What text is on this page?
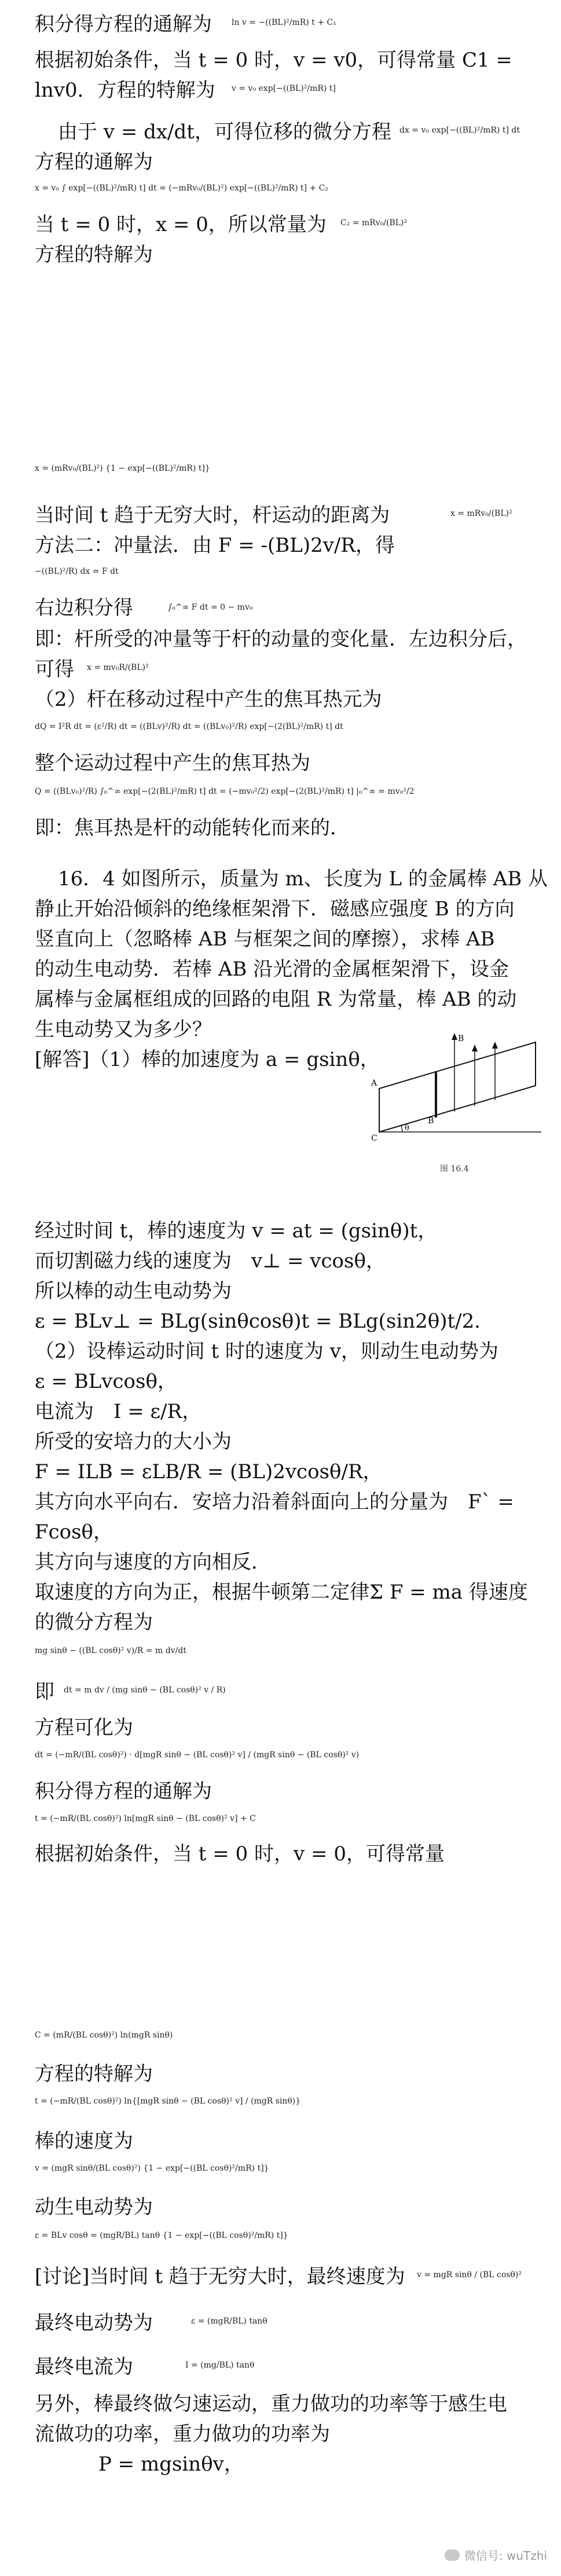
积分得方程的通解为 ln v = −((BL)²/mR) t + C₁
根据初始条件，当 t = 0 时，v = v0，可得常量 C1 =
lnv0．方程的特解为 v = v₀ exp[−((BL)²/mR) t]
由于 v = dx/dt，可得位移的微分方程 dx = v₀ exp[−((BL)²/mR) t] dt
方程的通解为
x = v₀ ∫ exp[−((BL)²/mR) t] dt = (−mRv₀/(BL)²) exp[−((BL)²/mR) t] + C₂
当 t = 0 时，x = 0，所以常量为 C₂ = mRv₀/(BL)²
方程的特解为
x = (mRv₀/(BL)²) {1 − exp[−((BL)²/mR) t]}
当时间 t 趋于无穷大时，杆运动的距离为	x = mRv₀/(BL)²
方法二：冲量法．由 F = -(BL)2v/R，得
−((BL)²/R) dx = F dt
右边积分得	∫₀^∞ F dt = 0 − mv₀
即：杆所受的冲量等于杆的动量的变化量．左边积分后，
可得 x = mv₀R/(BL)²
（2）杆在移动过程中产生的焦耳热元为
dQ = I²R dt = (ε²/R) dt = ((BLv)²/R) dt = ((BLv₀)²/R) exp[−(2(BL)²/mR) t] dt
整个运动过程中产生的焦耳热为
Q = ((BLv₀)²/R) ∫₀^∞ exp[−(2(BL)²/mR) t] dt = (−mv₀²/2) exp[−(2(BL)²/mR) t] |₀^∞ = mv₀²/2
即：焦耳热是杆的动能转化而来的．
16．4 如图所示，质量为 m、长度为 L 的金属棒 AB 从
静止开始沿倾斜的绝缘框架滑下．磁感应强度 B 的方向
竖直向上（忽略棒 AB 与框架之间的摩擦），求棒 AB
的动生电动势．若棒 AB 沿光滑的金属框架滑下，设金
属棒与金属框组成的回路的电阻 R 为常量，棒 AB 的动
生电动势又为多少？
[解答]（1）棒的加速度为 a = gsinθ，
A
B
B
C
θ
图 16.4
经过时间 t，棒的速度为 v = at = (gsinθ)t，
而切割磁力线的速度为　v⊥ = vcosθ，
所以棒的动生电动势为
ε = BLv⊥ = BLg(sinθcosθ)t = BLg(sin2θ)t/2．
（2）设棒运动时间 t 时的速度为 v，则动生电动势为
ε = BLvcosθ，
电流为　I = ε/R，
所受的安培力的大小为
F = ILB = εLB/R = (BL)2vcosθ/R，
其方向水平向右．安培力沿着斜面向上的分量为　F` =
Fcosθ，
其方向与速度的方向相反．
取速度的方向为正，根据牛顿第二定律Σ F = ma 得速度
的微分方程为
mg sinθ − ((BL cosθ)² v)/R = m dv/dt
即 dt = m dv / (mg sinθ − (BL cosθ)² v / R)
方程可化为
dt = (−mR/(BL cosθ)²) · d[mgR sinθ − (BL cosθ)² v] / (mgR sinθ − (BL cosθ)² v)
积分得方程的通解为
t = (−mR/(BL cosθ)²) ln[mgR sinθ − (BL cosθ)² v] + C
根据初始条件，当 t = 0 时，v = 0，可得常量
C = (mR/(BL cosθ)²) ln(mgR sinθ)
方程的特解为
t = (−mR/(BL cosθ)²) ln{[mgR sinθ − (BL cosθ)² v] / (mgR sinθ)}
棒的速度为
v = (mgR sinθ/(BL cosθ)²) {1 − exp[−((BL cosθ)²/mR) t]}
动生电动势为
ε = BLv cosθ = (mgR/BL) tanθ {1 − exp[−((BL cosθ)²/mR) t]}
[讨论]当时间 t 趋于无穷大时，最终速度为 v = mgR sinθ / (BL cosθ)²
最终电动势为	ε = (mgR/BL) tanθ
最终电流为	I = (mg/BL) tanθ
另外，棒最终做匀速运动，重力做功的功率等于感生电
流做功的功率，重力做功的功率为
P = mgsinθv，
微信号: wuTzhi
